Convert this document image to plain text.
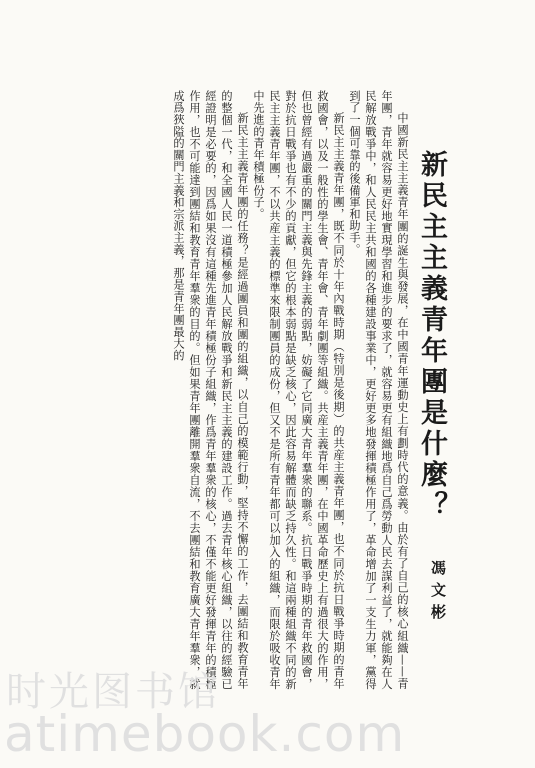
新民主主義青年團是什麼？
馮文彬

中國新民主主義青年團的誕生與發展，在中國青年運動史上有劃時代的意義。由於有了自己的核心組織——青年團，青年就容易更好地實現學習和進步的要求了，就容易更有組織地爲自己爲勞動人民去謀利益了，就能夠在人民解放戰爭中，和人民民主共和國的各種建設事業中，更好更多地發揮積極作用了，革命增加了一支生力軍，黨得到了一個可靠的後備軍和助手。

新民主主義青年團，既不同於十年內戰時期（特別是後期）的共産主義青年團，也不同於抗日戰爭時期的青年救國會，以及一般性的學生會、青年會、青年劇團等組織。共産主義青年團，在中國革命歷史上有過很大的作用，但也曾經有過嚴重的關門主義與先鋒主義的弱點，妨礙了它同廣大青年羣衆的聯系。抗日戰爭時期的青年救國會，對於抗日戰爭也有不少的貢獻，但它的根本弱點是缺乏核心，因此容易解體而缺乏持久性。和這兩種組織不同的新民主主義青年團，不以共産主義的標準來限制團員的成份，但又不是所有青年都可以加入的組織，而限於吸收青年中先進的青年積極份子。

新民主主義青年團的任務？是經過團員和團的組織，以自己的模範行動，堅持不懈的工作，去團結和教育青年的整個一代，和全國人民一道積極參加人民解放戰爭和新民主主義的建設工作。過去青年核心組織，以往的經驗已經證明是必要的，因爲如果沒有這種先進青年積極份子組織，作爲青年羣衆的核心，不僅不能更好發揮青年的積極作用，也不可能達到團結和教育青年羣衆的目的。但如果青年團離開羣衆自流，不去團結和教育廣大青年羣衆，就成爲狹隘的關門主義和宗派主義，那是青年團最大的

时光图书馆
atimebook.com
